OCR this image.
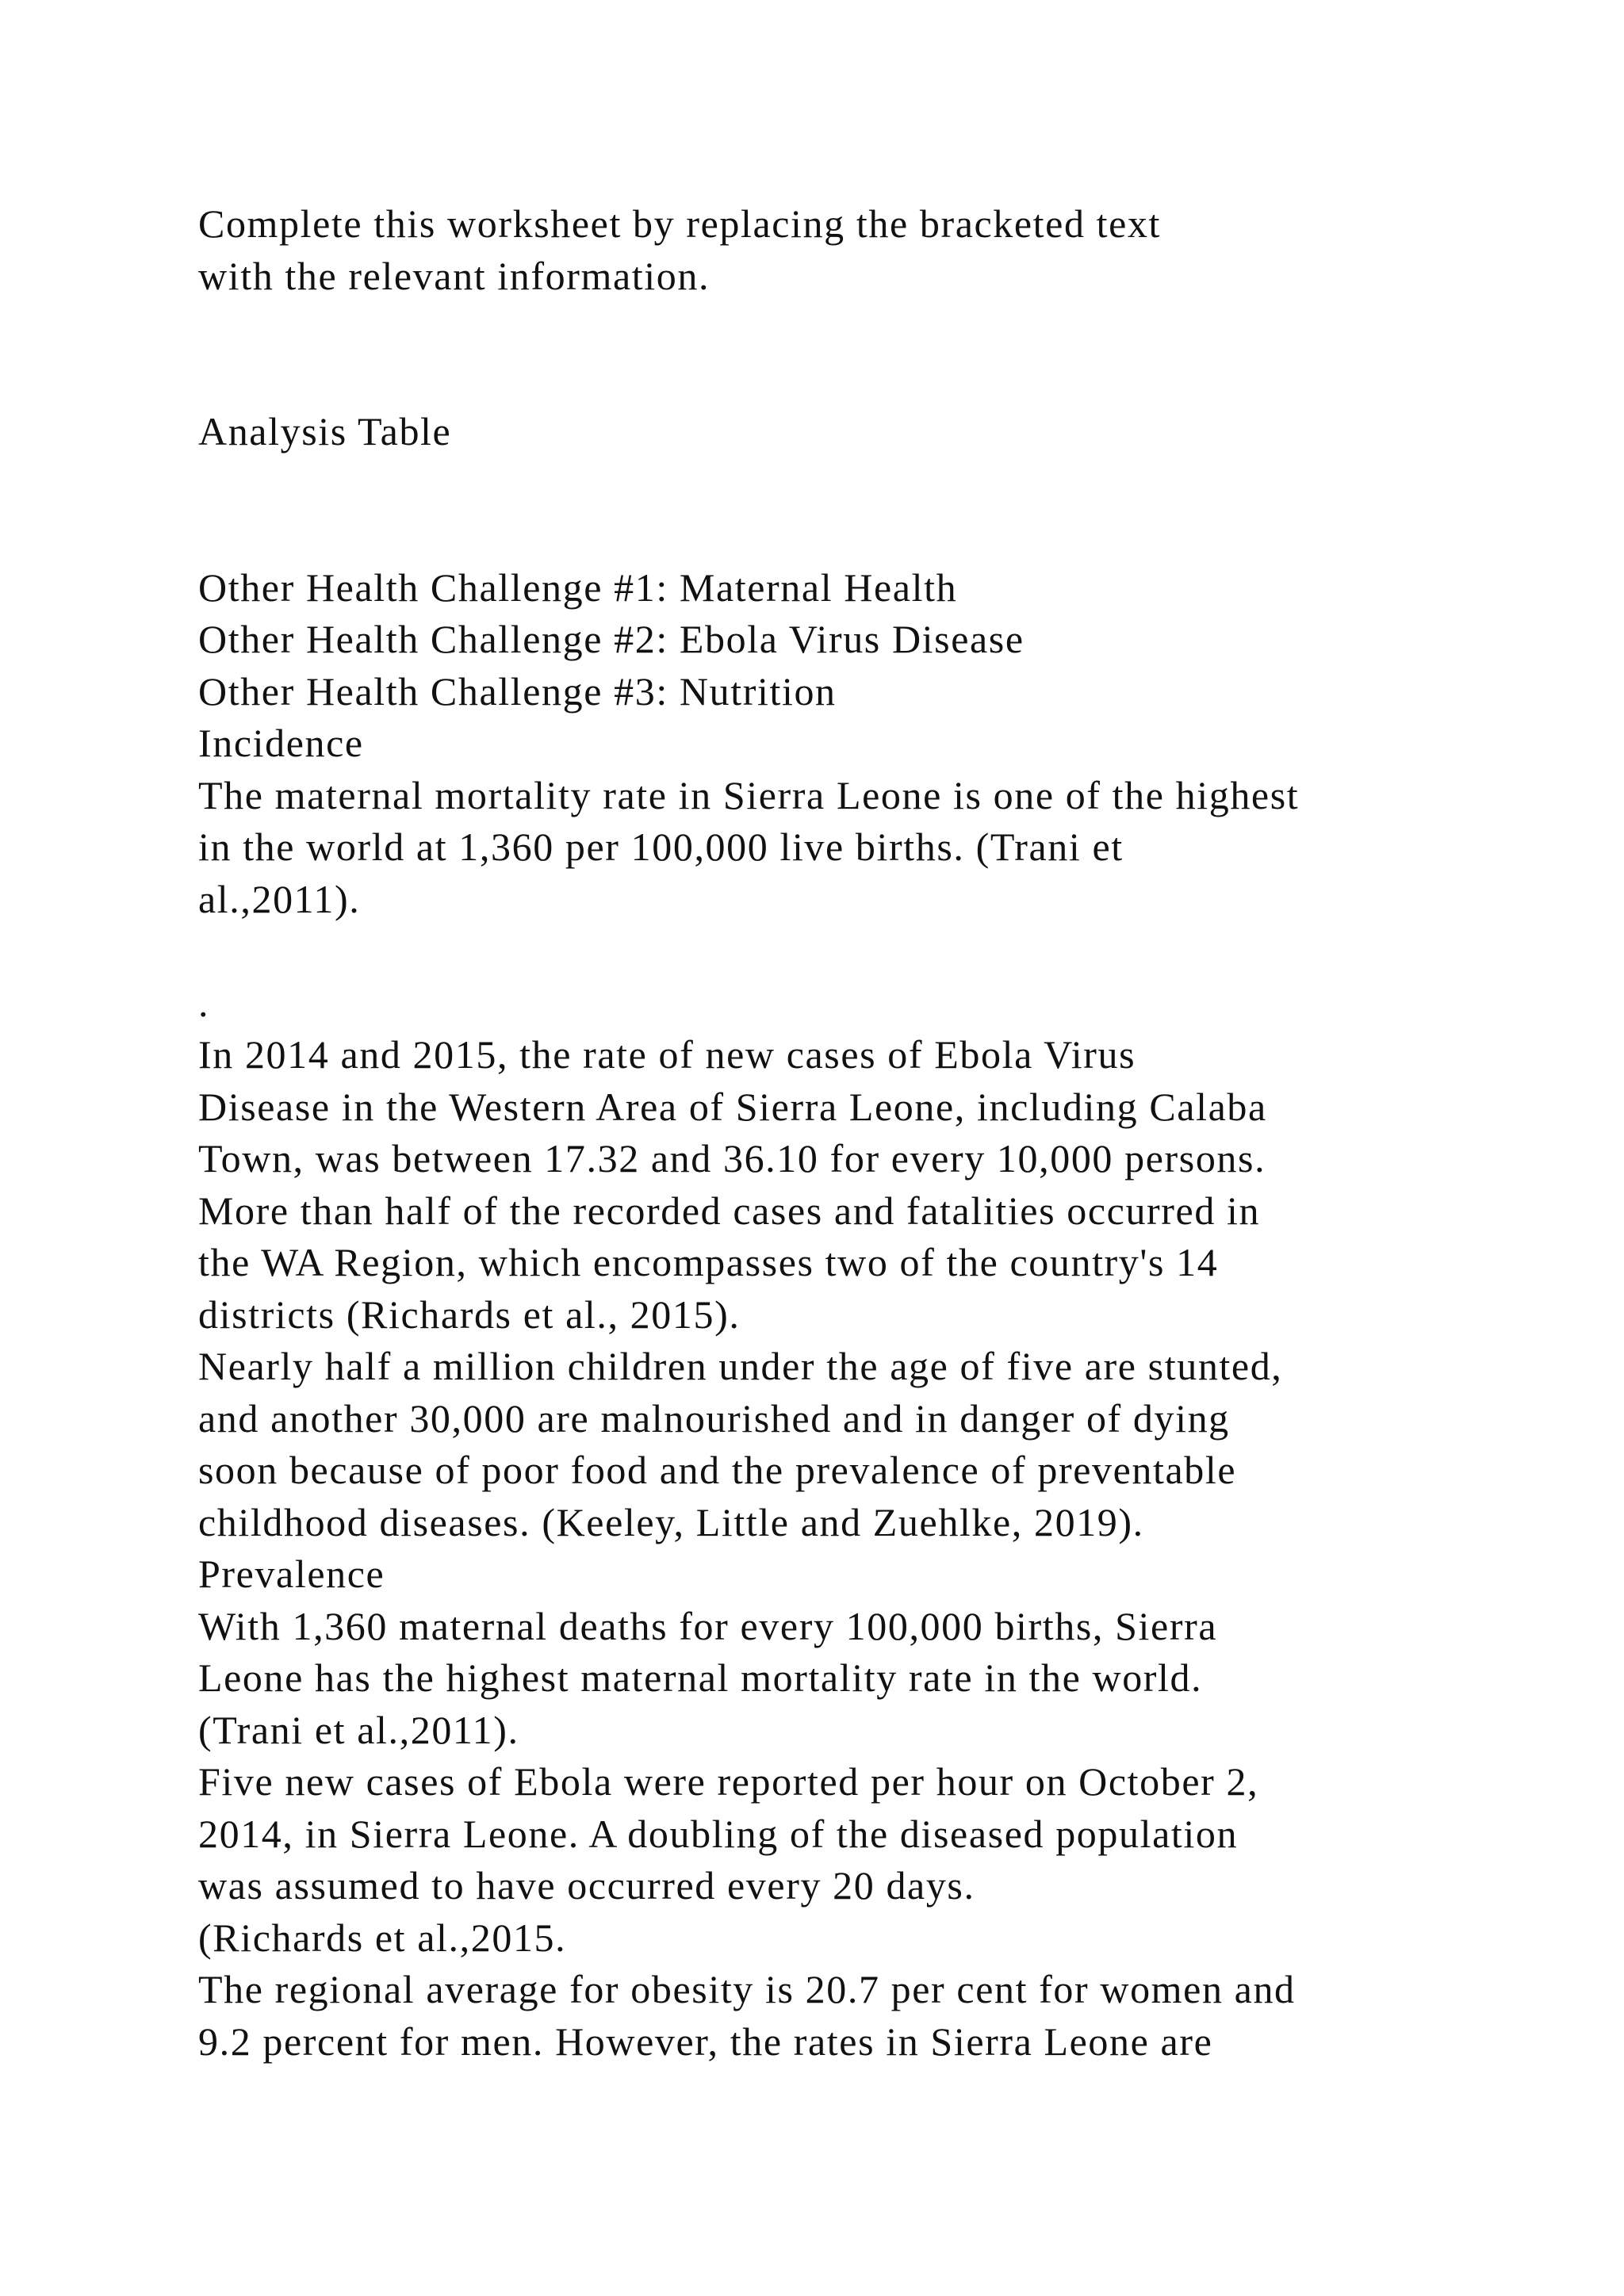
Complete this worksheet by replacing the bracketed text
with the relevant information.
Analysis Table
Other Health Challenge #1: Maternal Health
Other Health Challenge #2: Ebola Virus Disease
Other Health Challenge #3: Nutrition
Incidence
The maternal mortality rate in Sierra Leone is one of the highest
in the world at 1,360 per 100,000 live births. (Trani et
al.,2011).
.
In 2014 and 2015, the rate of new cases of Ebola Virus
Disease in the Western Area of Sierra Leone, including Calaba
Town, was between 17.32 and 36.10 for every 10,000 persons.
More than half of the recorded cases and fatalities occurred in
the WA Region, which encompasses two of the country's 14
districts (Richards et al., 2015).
Nearly half a million children under the age of five are stunted,
and another 30,000 are malnourished and in danger of dying
soon because of poor food and the prevalence of preventable
childhood diseases. (Keeley, Little and Zuehlke, 2019).
Prevalence
With 1,360 maternal deaths for every 100,000 births, Sierra
Leone has the highest maternal mortality rate in the world.
(Trani et al.,2011).
Five new cases of Ebola were reported per hour on October 2,
2014, in Sierra Leone. A doubling of the diseased population
was assumed to have occurred every 20 days.
(Richards et al.,2015.
The regional average for obesity is 20.7 per cent for women and
9.2 percent for men. However, the rates in Sierra Leone are
